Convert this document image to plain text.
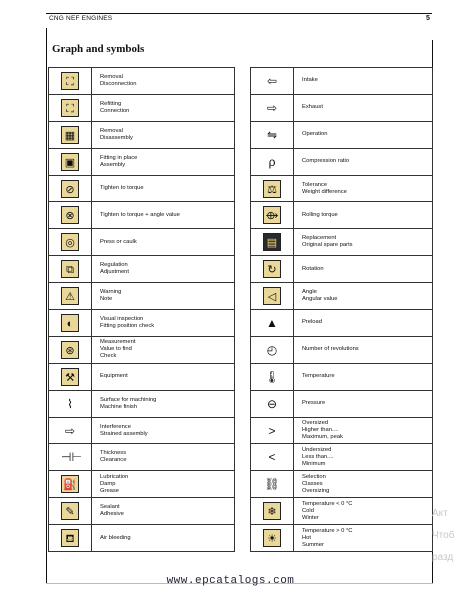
CNG NEF ENGINES	5
Graph and symbols
⛶	Removal
Disconnection

⛶	Refitting
Connection

▦	Removal
Disassembly

▣	Fitting in place
Assembly

⊘	Tighten to torque

⊗	Tighten to torque + angle value

◎	Press or caulk

⧉	Regulation
Adjustment

⚠	Warning
Note

◐	Visual inspection
Fitting position check

⊛	Measurement
Value to find
Check

⚒	Equipment

⌇	Surface for machining
Machine finish

⇨	Interference
Strained assembly

⊣⊢	Thickness
Clearance

⛽	Lubrication
Damp
Grease

✎	Sealant
Adhesive

⛾	Air bleeding
⇦	Intake

⇨	Exhaust

⇋	Operation

ρ	Compression ratio

⚖	Tolerance
Weight difference

⟴	Rolling torque

▤	Replacement
Original spare parts

↻	Rotation

◁	Angle
Angular value

▲	Preload

◴	Number of revolutions

🌡	Temperature

⊖	Pressure

>	Oversized
Higher than....
Maximum, peak

<	Undersized
Less than....
Minimum

⛓	Selection
Classes
Oversizing

❄	Temperature < 0 °C
Cold
Winter

☀	Temperature > 0 °C
Hot
Summer
www.epcatalogs.com
Акт
Чтоб
разд
